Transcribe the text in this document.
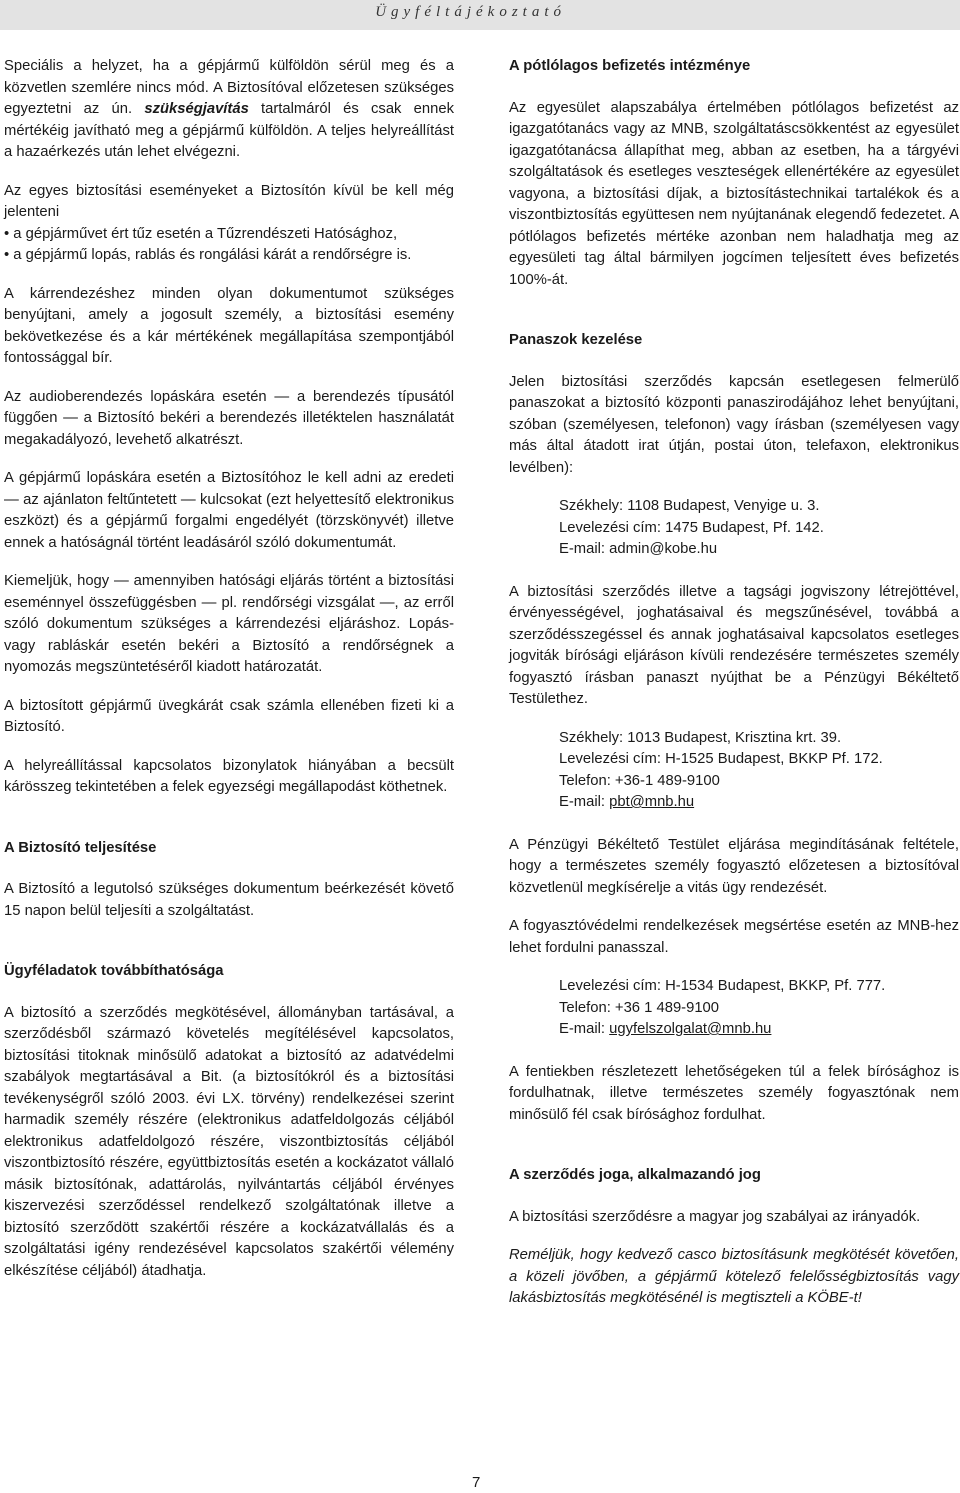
Ügyféltájékoztató

Speciális a helyzet, ha a gépjármű külföldön sérül meg és a közvetlen szemlére nincs mód. A Biztosítóval előzetesen szükséges egyeztetni az ún. szükségjavítás tartalmáról és csak ennek mértékéig javítható meg a gépjármű külföldön. A teljes helyreállítást a hazaérkezés után lehet elvégezni.

Az egyes biztosítási eseményeket a Biztosítón kívül be kell még jelenteni

• a gépjárművet ért tűz esetén a Tűzrendészeti Hatósághoz,

• a gépjármű lopás, rablás és rongálási kárát a rendőrségre is.

A kárrendezéshez minden olyan dokumentumot szükséges benyújtani, amely a jogosult személy, a biztosítási esemény bekövetkezése és a kár mértékének megállapítása szempontjából fontossággal bír.

Az audioberendezés lopáskára esetén — a berendezés típusától függően — a Biztosító bekéri a berendezés illetéktelen használatát megakadályozó, levehető alkatrészt.

A gépjármű lopáskára esetén a Biztosítóhoz le kell adni az eredeti — az ajánlaton feltűntetett — kulcsokat (ezt helyettesítő elektronikus eszközt) és a gépjármű forgalmi engedélyét (törzskönyvét) illetve ennek a hatóságnál történt leadásáról szóló dokumentumát.

Kiemeljük, hogy — amennyiben hatósági eljárás történt a biztosítási eseménnyel összefüggésben — pl. rendőrségi vizsgálat —, az erről szóló dokumentum szükséges a kárrendezési eljáráshoz. Lopás- vagy rabláskár esetén bekéri a Biztosító a rendőrségnek a nyomozás megszüntetéséről kiadott határozatát.

A biztosított gépjármű üvegkárát csak számla ellenében fizeti ki a Biztosító.

A helyreállítással kapcsolatos bizonylatok hiányában a becsült kárösszeg tekintetében a felek egyezségi megállapodást köthetnek.

A Biztosító teljesítése

A Biztosító a legutolsó szükséges dokumentum beérkezését követő 15 napon belül teljesíti a szolgáltatást.

Ügyféladatok továbbíthatósága

A biztosító a szerződés megkötésével, állományban tartásával, a szerződésből származó követelés megítélésével kapcsolatos, biztosítási titoknak minősülő adatokat a biztosító az adatvédelmi szabályok megtartásával a Bit. (a biztosítókról és a biztosítási tevékenységről szóló 2003. évi LX. törvény) rendelkezései szerint harmadik személy részére (elektronikus adatfeldolgozás céljából elektronikus adatfeldolgozó részére, viszontbiztosítás céljából viszontbiztosító részére, együttbiztosítás esetén a kockázatot vállaló másik biztosítónak, adattárolás, nyilvántartás céljából érvényes kiszervezési szerződéssel rendelkező szolgáltatónak illetve a biztosító szerződött szakértői részére a kockázatvállalás és a szolgáltatási igény rendezésével kapcsolatos szakértői vélemény elkészítése céljából) átadhatja.

A pótlólagos befizetés intézménye

Az egyesület alapszabálya értelmében pótlólagos befizetést az igazgatótanács vagy az MNB, szolgáltatáscsökkentést az egyesület igazgatótanácsa állapíthat meg, abban az esetben, ha a tárgyévi szolgáltatások és esetleges veszteségek ellenértékére az egyesület vagyona, a biztosítási díjak, a biztosítástechnikai tartalékok és a viszontbiztosítás együttesen nem nyújtanának elegendő fedezetet. A pótlólagos befizetés mértéke azonban nem haladhatja meg az egyesületi tag által bármilyen jogcímen teljesített éves befizetés 100%-át.

Panaszok kezelése

Jelen biztosítási szerződés kapcsán esetlegesen felmerülő panaszokat a biztosító központi panaszirodájához lehet benyújtani, szóban (személyesen, telefonon) vagy írásban (személyesen vagy más által átadott irat útján, postai úton, telefaxon, elektronikus levélben):

Székhely: 1108 Budapest, Venyige u. 3.
Levelezési cím: 1475 Budapest, Pf. 142.
E-mail: admin@kobe.hu

A biztosítási szerződés illetve a tagsági jogviszony létrejöttével, érvényességével, joghatásaival és megszűnésével, továbbá a szerződésszegéssel és annak joghatásaival kapcsolatos esetleges jogviták bírósági eljáráson kívüli rendezésére természetes személy fogyasztó írásban panaszt nyújthat be a Pénzügyi Békéltető Testülethez.

Székhely: 1013 Budapest, Krisztina krt. 39.
Levelezési cím: H-1525 Budapest, BKKP Pf. 172.
Telefon: +36-1 489-9100
E-mail: pbt@mnb.hu

A Pénzügyi Békéltető Testület eljárása megindításának feltétele, hogy a természetes személy fogyasztó előzetesen a biztosítóval közvetlenül megkísérelje a vitás ügy rendezését.

A fogyasztóvédelmi rendelkezések megsértése esetén az MNB-hez lehet fordulni panasszal.

Levelezési cím: H-1534 Budapest, BKKP, Pf. 777.
Telefon: +36 1 489-9100
E-mail: ugyfelszolgalat@mnb.hu

A fentiekben részletezett lehetőségeken túl a felek bírósághoz is fordulhatnak, illetve természetes személy fogyasztónak nem minősülő fél csak bírósághoz fordulhat.

A szerződés joga, alkalmazandó jog

A biztosítási szerződésre a magyar jog szabályai az irányadók.

Reméljük, hogy kedvező casco biztosításunk megkötését követően, a közeli jövőben, a gépjármű kötelező felelősségbiztosítás vagy lakásbiztosítás megkötésénél is megtiszteli a KÖBE-t!

7
